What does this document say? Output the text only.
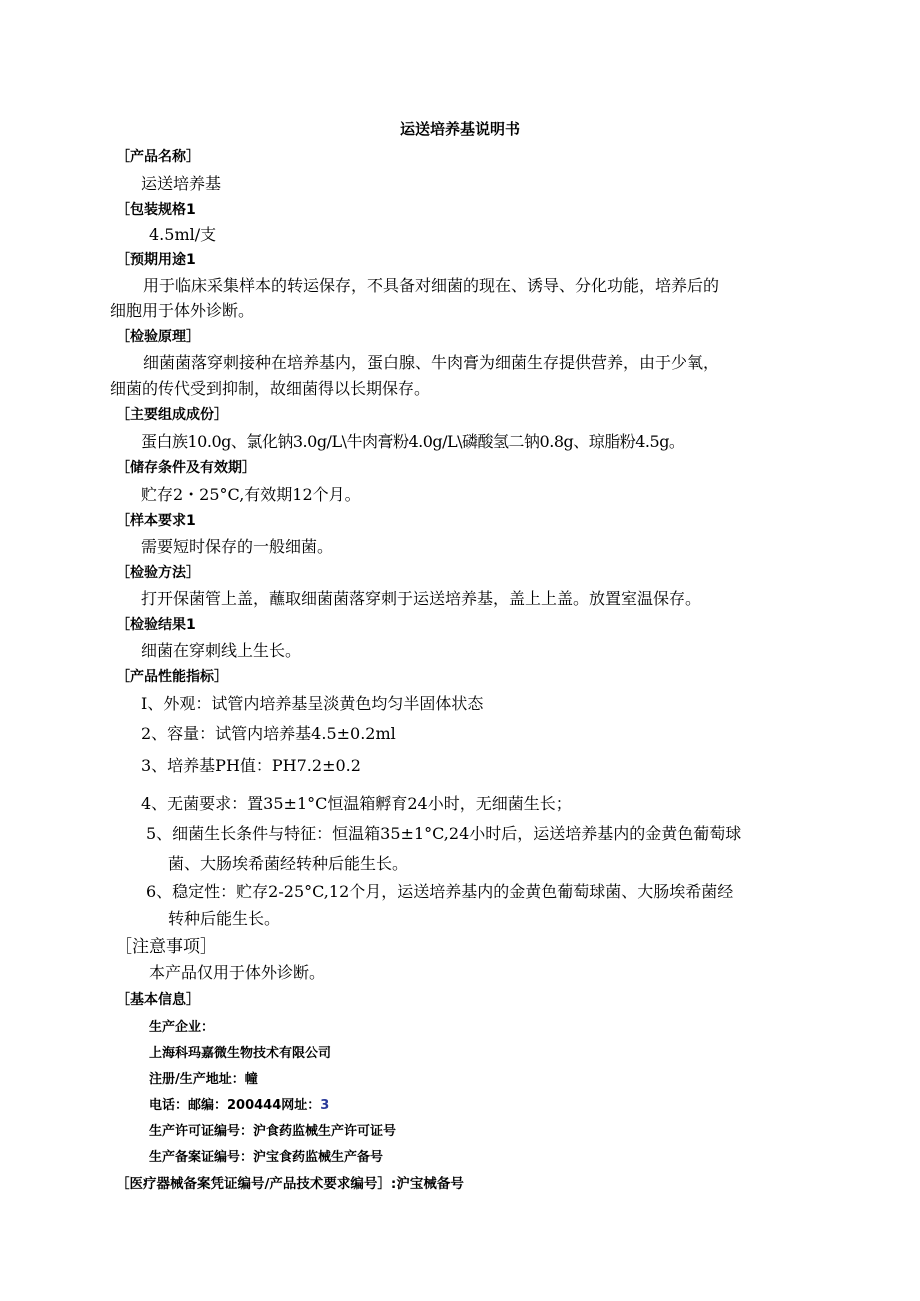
运送培养基说明书
［产品名称］
运送培养基
［包装规格1
4.5ml/支
［预期用途1
用于临床采集样本的转运保存，不具备对细菌的现在、诱导、分化功能，培养后的
细胞用于体外诊断。
［检验原理］
细菌菌落穿刺接种在培养基内，蛋白腺、牛肉膏为细菌生存提供营养，由于少氧，
细菌的传代受到抑制，故细菌得以长期保存。
［主要组成成份］
蛋白族10.0g、氯化钠3.0g/L\牛肉膏粉4.0g/L\磷酸氢二钠0.8g、琼脂粉4.5g。
［储存条件及有效期］
贮存2・25°C,有效期12个月。
［样本要求1
需要短时保存的一般细菌。
［检验方法］
打开保菌管上盖，蘸取细菌菌落穿刺于运送培养基，盖上上盖。放置室温保存。
［检验结果1
细菌在穿刺线上生长。
［产品性能指标］
I、外观：试管内培养基呈淡黄色均匀半固体状态
2、容量：试管内培养基4.5±0.2ml
3、培养基PH值：PH7.2±0.2
4、无菌要求：置35±1°C恒温箱孵育24小时，无细菌生长；
5、细菌生长条件与特征：恒温箱35±1°C,24小时后，运送培养基内的金黄色葡萄球
菌、大肠埃希菌经转种后能生长。
6、稳定性：贮存2-25°C,12个月，运送培养基内的金黄色葡萄球菌、大肠埃希菌经
转种后能生长。
［注意事项］
本产品仅用于体外诊断。
［基本信息］
生产企业：
上海科玛嘉微生物技术有限公司
注册/生产地址：幢
电话：邮编：200444网址：3
生产许可证编号：沪食药监械生产许可证号
生产备案证编号：沪宝食药监械生产备号
［医疗器械备案凭证编号/产品技术要求编号］:沪宝械备号
